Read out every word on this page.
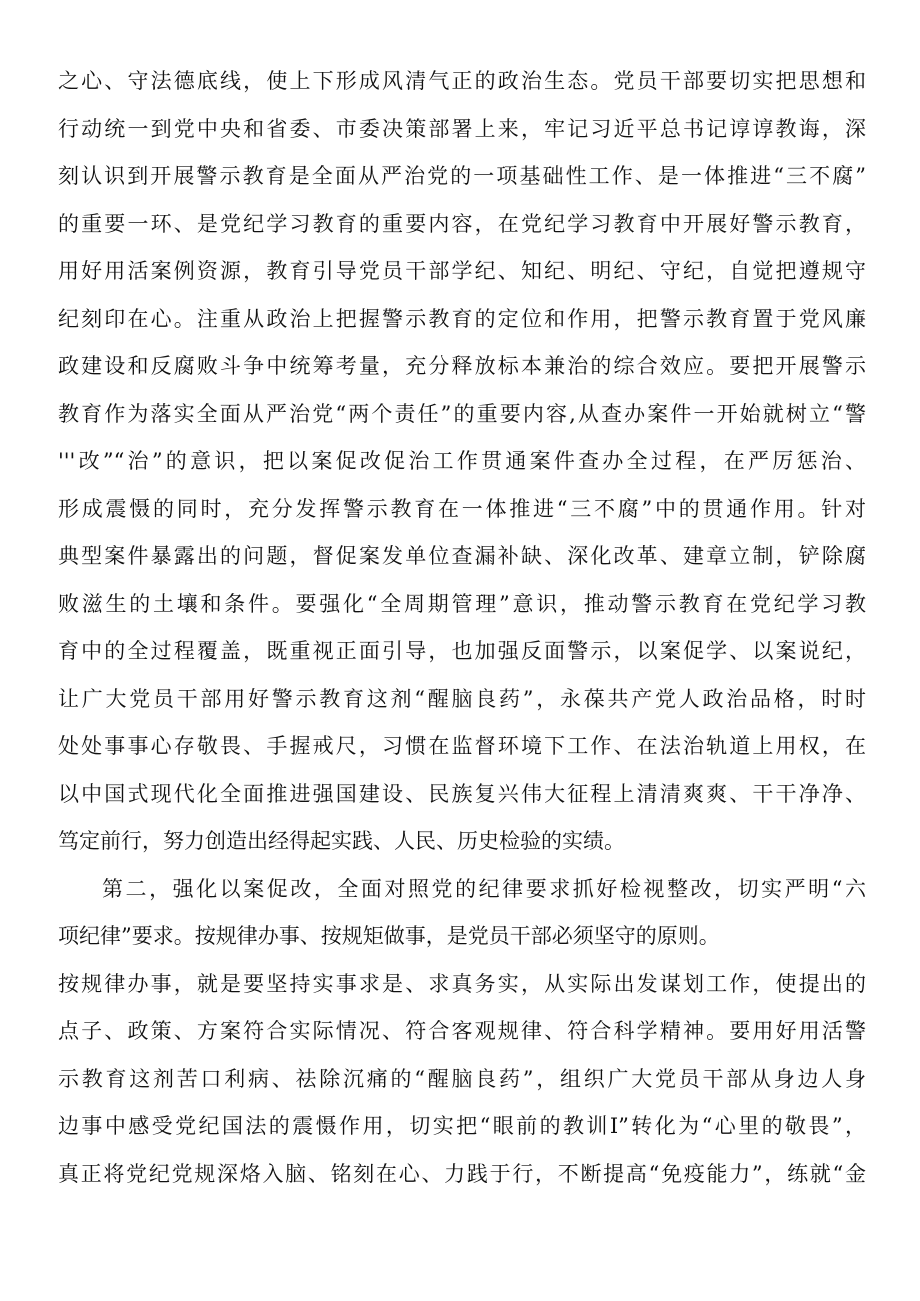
之心、守法德底线，使上下形成风清气正的政治生态。党员干部要切实把思想和
行动统一到党中央和省委、市委决策部署上来，牢记习近平总书记谆谆教诲，深
刻认识到开展警示教育是全面从严治党的一项基础性工作、是一体推进“三不腐”
的重要一环、是党纪学习教育的重要内容，在党纪学习教育中开展好警示教育，
用好用活案例资源，教育引导党员干部学纪、知纪、明纪、守纪，自觉把遵规守
纪刻印在心。注重从政治上把握警示教育的定位和作用，把警示教育置于党风廉
政建设和反腐败斗争中统筹考量，充分释放标本兼治的综合效应。要把开展警示
教育作为落实全面从严治党“两个责任”的重要内容,从查办案件一开始就树立“警
'''改”“治”的意识，把以案促改促治工作贯通案件查办全过程，在严厉惩治、
形成震慑的同时，充分发挥警示教育在一体推进“三不腐”中的贯通作用。针对
典型案件暴露出的问题，督促案发单位查漏补缺、深化改革、建章立制，铲除腐
败滋生的土壤和条件。要强化“全周期管理”意识，推动警示教育在党纪学习教
育中的全过程覆盖，既重视正面引导，也加强反面警示，以案促学、以案说纪，
让广大党员干部用好警示教育这剂“醒脑良药”，永葆共产党人政治品格，时时
处处事事心存敬畏、手握戒尺，习惯在监督环境下工作、在法治轨道上用权，在
以中国式现代化全面推进强国建设、民族复兴伟大征程上清清爽爽、干干净净、
笃定前行，努力创造出经得起实践、人民、历史检验的实绩。
第二，强化以案促改，全面对照党的纪律要求抓好检视整改，切实严明“六
项纪律”要求。按规律办事、按规矩做事，是党员干部必须坚守的原则。
按规律办事，就是要坚持实事求是、求真务实，从实际出发谋划工作，使提出的
点子、政策、方案符合实际情况、符合客观规律、符合科学精神。要用好用活警
示教育这剂苦口利病、祛除沉痛的“醒脑良药”，组织广大党员干部从身边人身
边事中感受党纪国法的震慑作用，切实把“眼前的教训I”转化为“心里的敬畏”，
真正将党纪党规深烙入脑、铭刻在心、力践于行，不断提高“免疫能力”，练就“金
